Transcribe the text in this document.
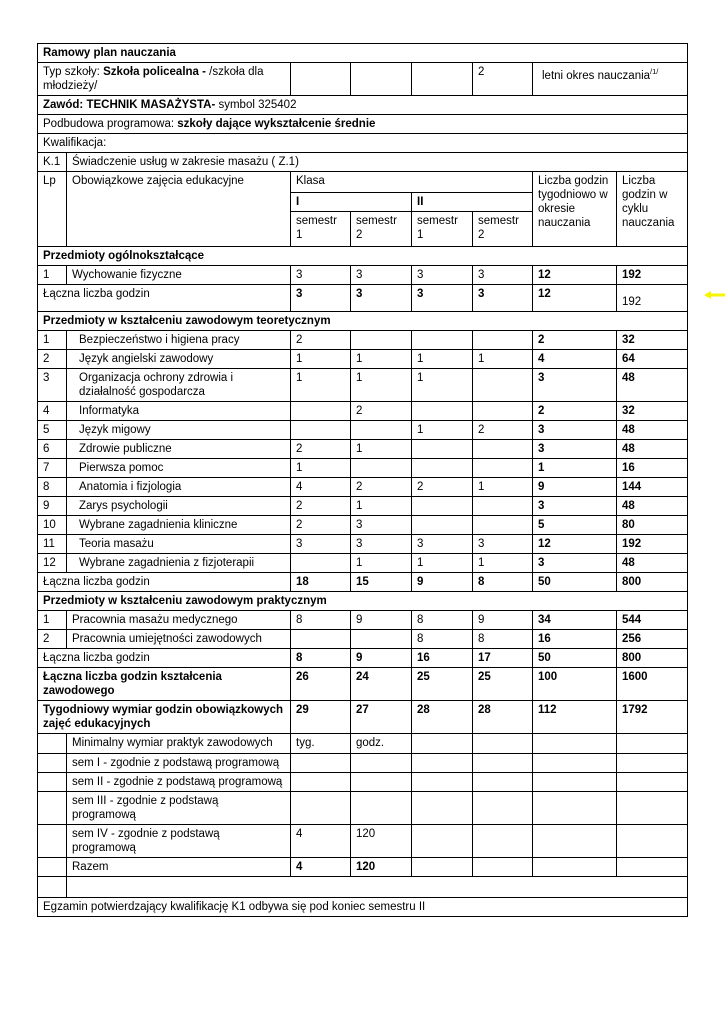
Ramowy plan nauczania							
Typ szkoły: Szkoła policealna - /szkoła dla młodzieży/					2	letni okres nauczania$^{/1/}$
Zawód: TECHNIK MASAŻYSTA- symbol 325402							
Podbudowa programowa: szkoły dające wykształcenie średnie							
Kwalifikacja:							
K.1	Świadczenie usług w zakresie masażu ( Z.1)						
Lp	Obowiązkowe zajęcia edukacyjne	Klasa				Liczba godzin tygodniowo w okresie nauczania	Liczba godzin w cyklu nauczania
		I		II			
		semestr 1	semestr 2	semestr 1	semestr 2		
Przedmioty ogólnokształcące							
1	Wychowanie fizyczne	3	3	3	3	12	192
Łączna liczba godzin		3	3	3	3	12	192
Przedmioty w kształceniu zawodowym teoretycznym							
1	Bezpieczeństwo i higiena pracy	2				2	32
2	Język angielski zawodowy	1	1	1	1	4	64
3	Organizacja ochrony zdrowia i działalność gospodarcza	1	1	1		3	48
4	Informatyka		2			2	32
5	Język migowy			1	2	3	48
6	Zdrowie publiczne	2	1			3	48
7	Pierwsza pomoc	1				1	16
8	Anatomia i fizjologia	4	2	2	1	9	144
9	Zarys psychologii	2	1			3	48
10	Wybrane zagadnienia kliniczne	2	3			5	80
11	Teoria masażu	3	3	3	3	12	192
12	Wybrane zagadnienia z fizjoterapii		1	1	1	3	48
Łączna liczba godzin		18	15	9	8	50	800
Przedmioty w kształceniu zawodowym praktycznym							
1	Pracownia masażu medycznego	8	9	8	9	34	544
2	Pracownia umiejętności zawodowych			8	8	16	256
Łączna liczba godzin		8	9	16	17	50	800
Łączna liczba godzin kształcenia zawodowego		26	24	25	25	100	1600
Tygodniowy wymiar godzin obowiązkowych zajęć edukacyjnych		29	27	28	28	112	1792
	Minimalny wymiar praktyk zawodowych	tyg.	godz.				
	sem I - zgodnie z podstawą programową						
	sem II - zgodnie z podstawą programową						
	sem III - zgodnie z podstawą programową						
	sem IV - zgodnie z podstawą programową	4	120				
	Razem	4	120				

Egzamin potwierdzający kwalifikację K1 odbywa się pod koniec semestru II							
